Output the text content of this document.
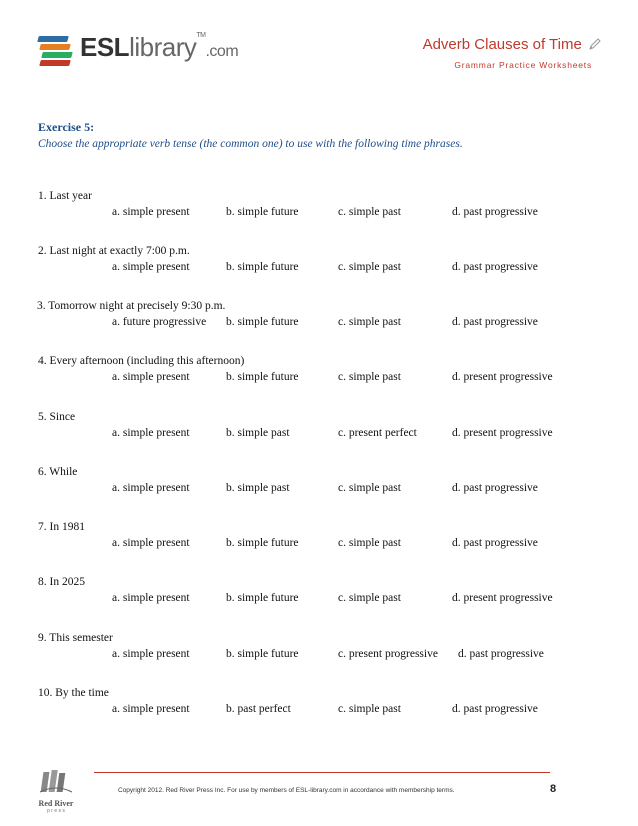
ESLlibrary™.com	Adverb Clauses of Time
Grammar Practice Worksheets
Exercise 5:
Choose the appropriate verb tense (the common one) to use with the following time phrases.
1. Last year
a. simple present	b. simple future	c. simple past	d. past progressive
2. Last night at exactly 7:00 p.m.
a. simple present	b. simple future	c. simple past	d. past progressive
3. Tomorrow night at precisely 9:30 p.m.
a. future progressive b. simple future	c. simple past	d. past progressive
4. Every afternoon (including this afternoon)
a. simple present	b. simple future	c. simple past	d. present progressive
5. Since
a. simple present	b. simple past	c. present perfect	d. present progressive
6. While
a. simple present	b. simple past	c. simple past	d. past progressive
7. In 1981
a. simple present	b. simple future	c. simple past	d. past progressive
8. In 2025
a. simple present	b. simple future	c. simple past	d. present progressive
9. This semester
a. simple present	b. simple future	c. present progressive d. past progressive
10. By the time
a. simple present	b. past perfect	c. simple past	d. past progressive
Red River
p r e s s
Copyright 2012. Red River Press Inc. For use by members of ESL-library.com in accordance with membership terms.	8
